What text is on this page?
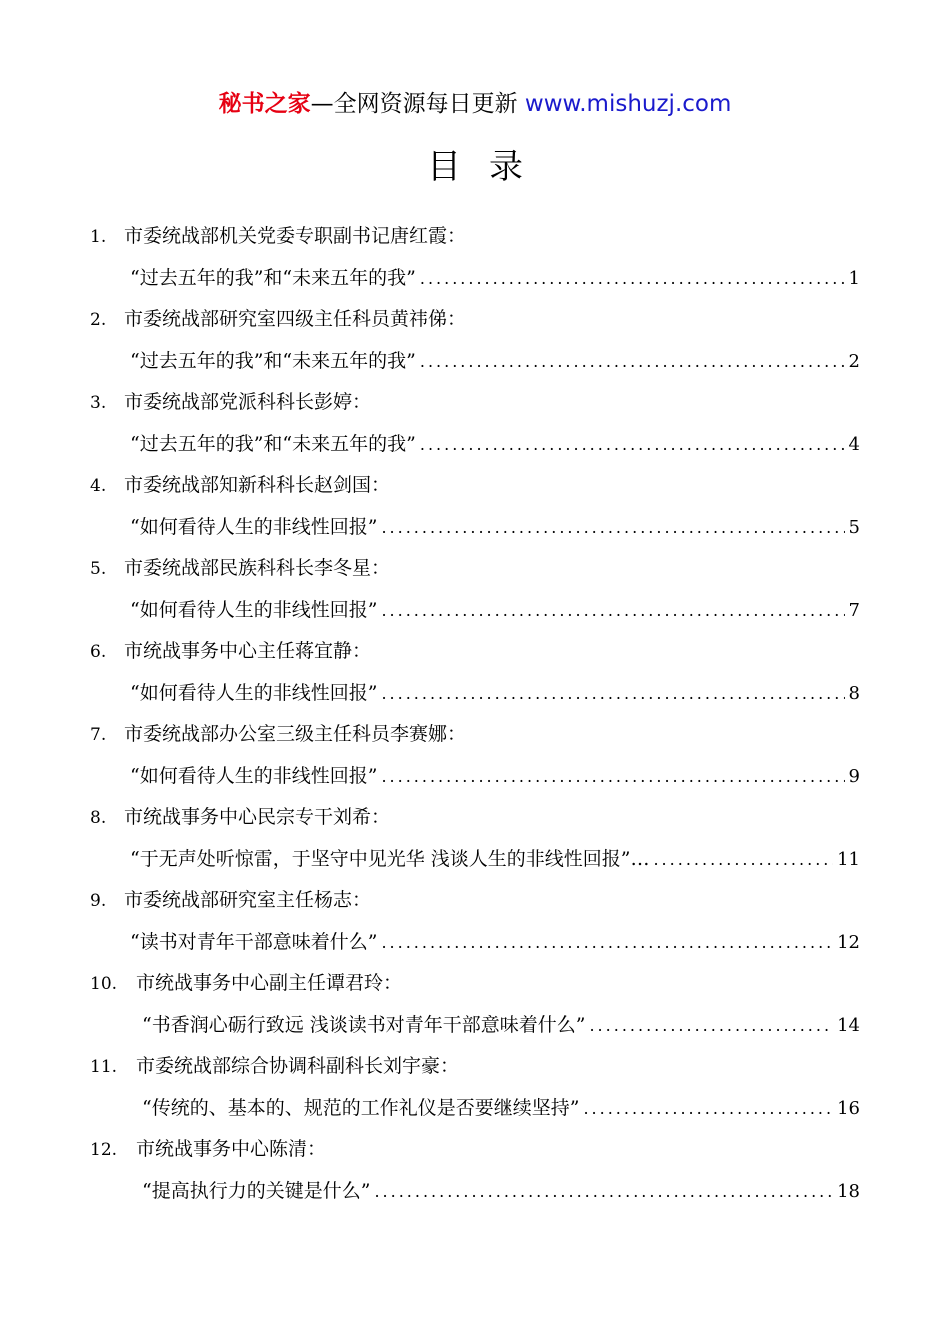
秘书之家—全网资源每日更新 www.mishuzj.com
目录
1. 市委统战部机关党委专职副书记唐红霞：
“过去五年的我”和“未来五年的我” .....	1
2. 市委统战部研究室四级主任科员黄祎俤：
“过去五年的我”和“未来五年的我” .....	2
3. 市委统战部党派科科长彭婷：
“过去五年的我”和“未来五年的我” .....	4
4. 市委统战部知新科科长赵剑国：
“如何看待人生的非线性回报” .....	5
5. 市委统战部民族科科长李冬星：
“如何看待人生的非线性回报” .....	7
6. 市统战事务中心主任蒋宜静：
“如何看待人生的非线性回报” .....	8
7. 市委统战部办公室三级主任科员李赛娜：
“如何看待人生的非线性回报” .....	9
8. 市统战事务中心民宗专干刘希：
“于无声处听惊雷，于坚守中见光华 浅谈人生的非线性回报”… .....	11
9. 市委统战部研究室主任杨志：
“读书对青年干部意味着什么” .....	12
10. 市统战事务中心副主任谭君玲：
“书香润心砺行致远 浅谈读书对青年干部意味着什么” .....	14
11. 市委统战部综合协调科副科长刘宇豪：
“传统的、基本的、规范的工作礼仪是否要继续坚持” .....	16
12. 市统战事务中心陈清：
“提高执行力的关键是什么” .....	18
